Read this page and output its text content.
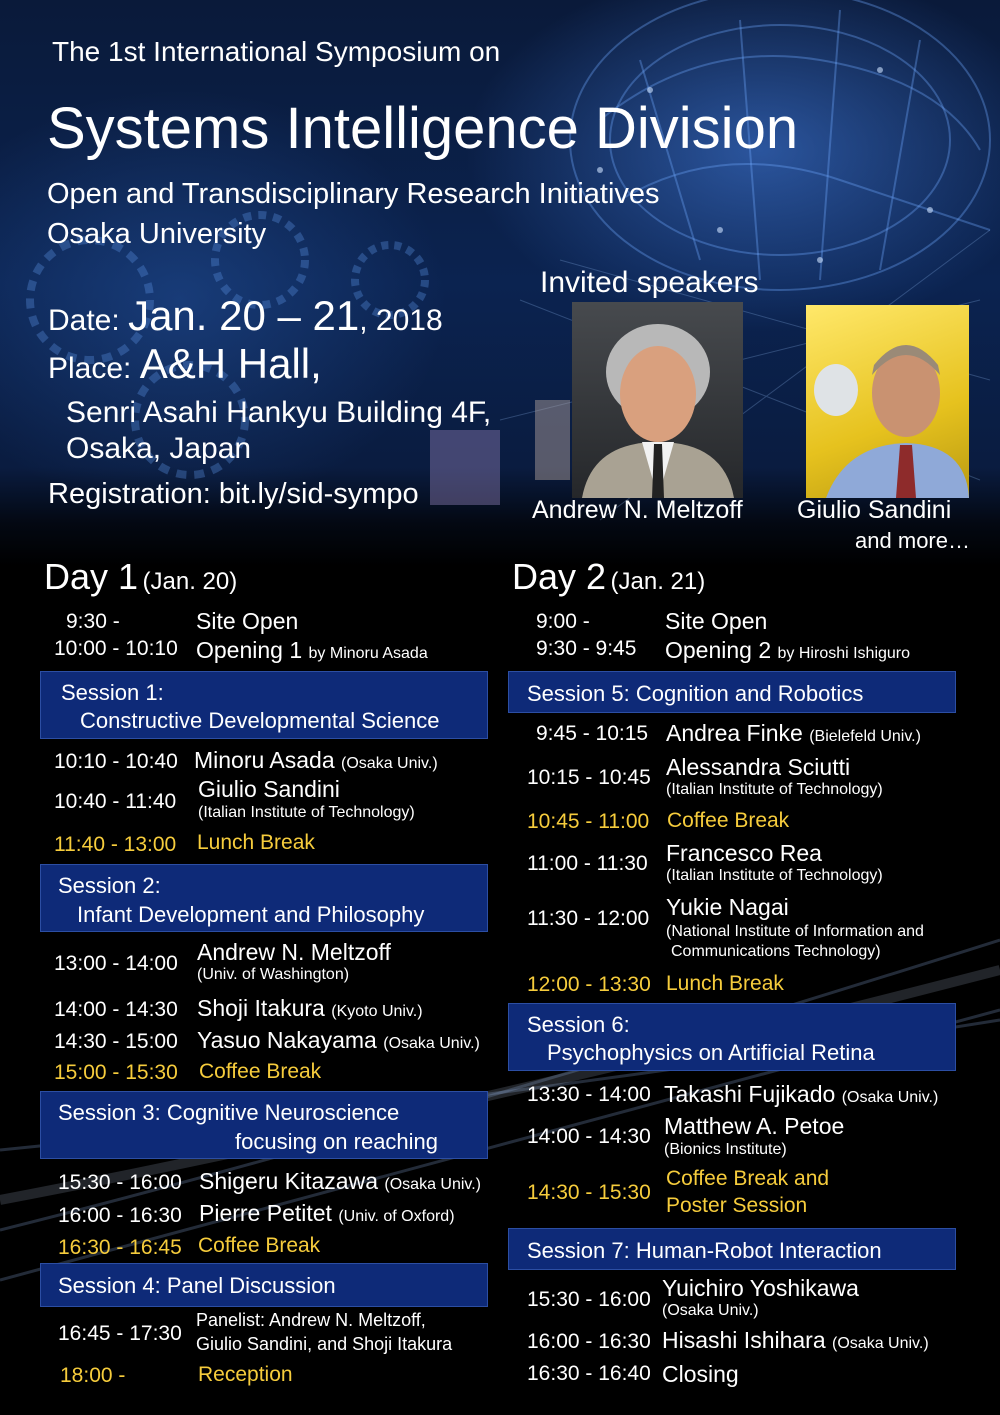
The 1st International Symposium on
Systems Intelligence Division
Open and Transdisciplinary Research Initiatives
Osaka University
Date: Jan. 20 – 21, 2018
Place: A&H Hall,
Senri Asahi Hankyu Building 4F,
Osaka, Japan
Registration: bit.ly/sid-sympo
Invited speakers
Andrew N. Meltzoff Giulio Sandini
and more…
Day 1 (Jan. 20)
9:30 -	Site Open
10:00 - 10:10 Opening 1 by Minoru Asada
Session 1:
Constructive Developmental Science
10:10 - 10:40 Minoru Asada (Osaka Univ.)
10:40 - 11:40 Giulio Sandini
(Italian Institute of Technology)
11:40 - 13:00 Lunch Break
Session 2:
Infant Development and Philosophy
13:00 - 14:00 Andrew N. Meltzoff
(Univ. of Washington)
14:00 - 14:30 Shoji Itakura (Kyoto Univ.)
14:30 - 15:00 Yasuo Nakayama (Osaka Univ.)
15:00 - 15:30 Coffee Break
Session 3: Cognitive Neuroscience
focusing on reaching
15:30 - 16:00 Shigeru Kitazawa (Osaka Univ.)
16:00 - 16:30 Pierre Petitet (Univ. of Oxford)
16:30 - 16:45 Coffee Break
Session 4: Panel Discussion
16:45 - 17:30
Panelist: Andrew N. Meltzoff,
Giulio Sandini, and Shoji Itakura
18:00 -	Reception
Day 2 (Jan. 21)
9:00 -	Site Open
9:30 - 9:45 Opening 2 by Hiroshi Ishiguro
Session 5: Cognition and Robotics
9:45 - 10:15 Andrea Finke (Bielefeld Univ.)
10:15 - 10:45 Alessandra Sciutti
(Italian Institute of Technology)
10:45 - 11:00 Coffee Break
11:00 - 11:30 Francesco Rea
(Italian Institute of Technology)
11:30 - 12:00 Yukie Nagai
(National Institute of Information and
Communications Technology)
12:00 - 13:30 Lunch Break
Session 6:
Psychophysics on Artificial Retina
13:30 - 14:00 Takashi Fujikado (Osaka Univ.)
14:00 - 14:30 Matthew A. Petoe
(Bionics Institute)
14:30 - 15:30
Coffee Break and
Poster Session
Session 7: Human-Robot Interaction
15:30 - 16:00 Yuichiro Yoshikawa
(Osaka Univ.)
16:00 - 16:30 Hisashi Ishihara (Osaka Univ.)
16:30 - 16:40 Closing
